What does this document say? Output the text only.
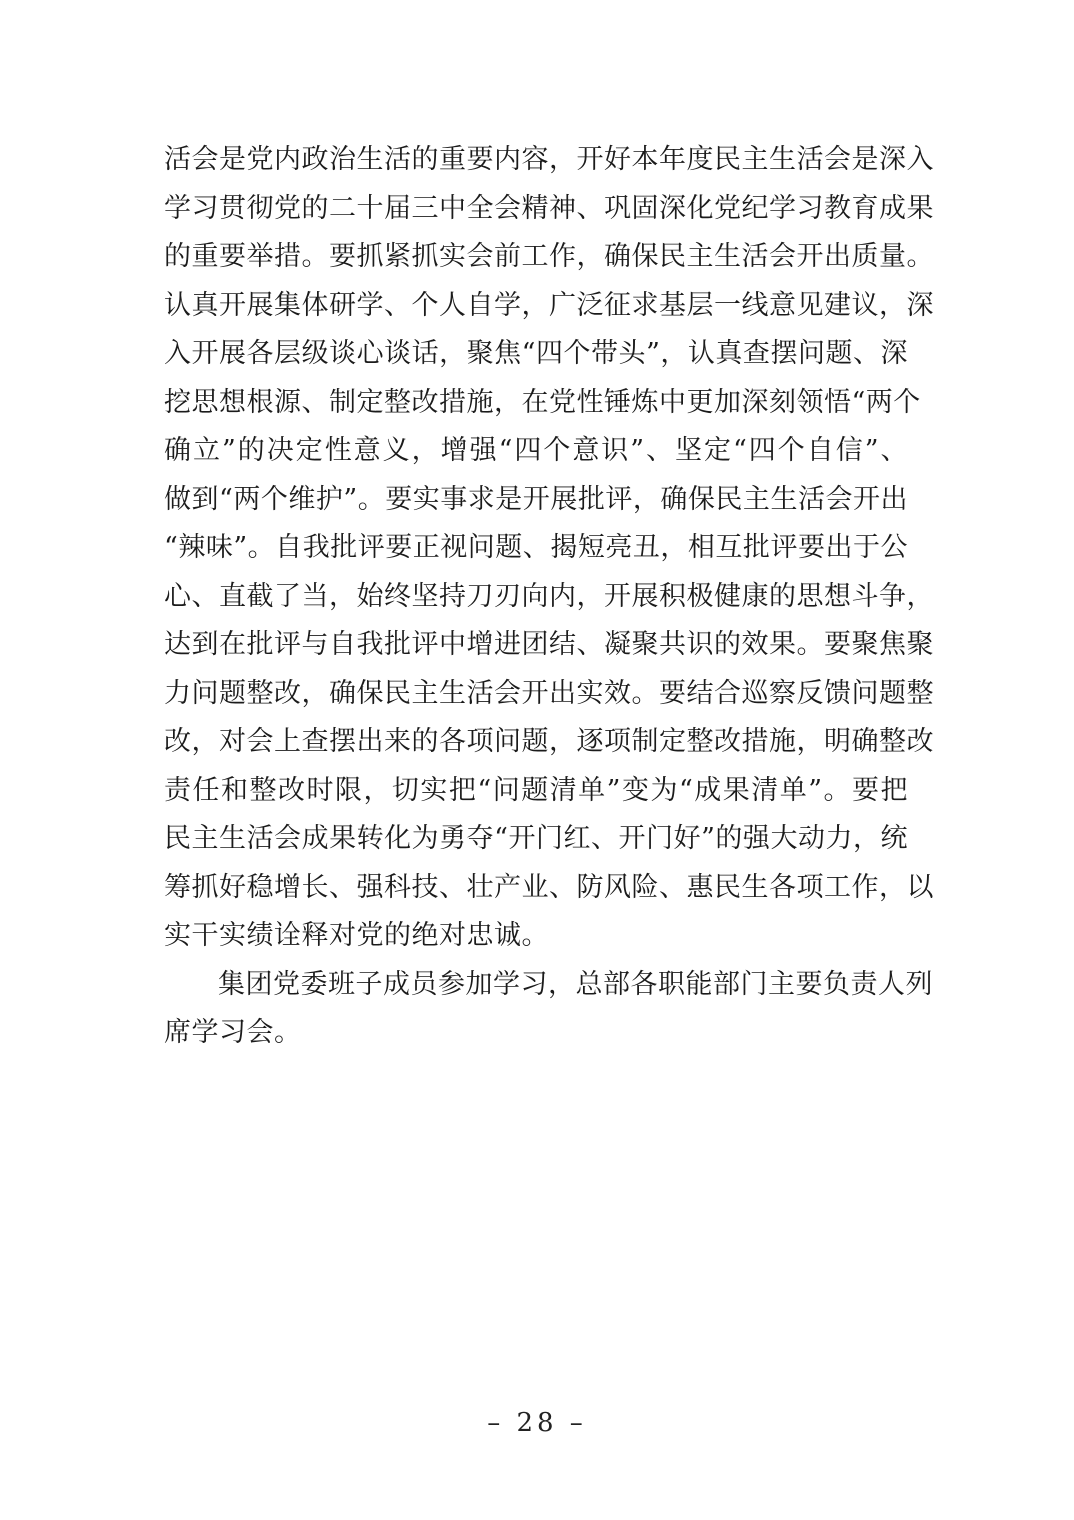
活会是党内政治生活的重要内容，开好本年度民主生活会是深入
学习贯彻党的二十届三中全会精神、巩固深化党纪学习教育成果
的重要举措。要抓紧抓实会前工作，确保民主生活会开出质量。
认真开展集体研学、个人自学，广泛征求基层一线意见建议，深
入开展各层级谈心谈话，聚焦“四个带头”，认真查摆问题、深
挖思想根源、制定整改措施，在党性锤炼中更加深刻领悟“两个
确立”的决定性意义，增强“四个意识”、坚定“四个自信”、
做到“两个维护”。要实事求是开展批评，确保民主生活会开出
“辣味”。自我批评要正视问题、揭短亮丑，相互批评要出于公
心、直截了当，始终坚持刀刃向内，开展积极健康的思想斗争，
达到在批评与自我批评中增进团结、凝聚共识的效果。要聚焦聚
力问题整改，确保民主生活会开出实效。要结合巡察反馈问题整
改，对会上查摆出来的各项问题，逐项制定整改措施，明确整改
责任和整改时限，切实把“问题清单”变为“成果清单”。要把
民主生活会成果转化为勇夺“开门红、开门好”的强大动力，统
筹抓好稳增长、强科技、壮产业、防风险、惠民生各项工作，以
实干实绩诠释对党的绝对忠诚。
集团党委班子成员参加学习，总部各职能部门主要负责人列
席学习会。
– 28 –
